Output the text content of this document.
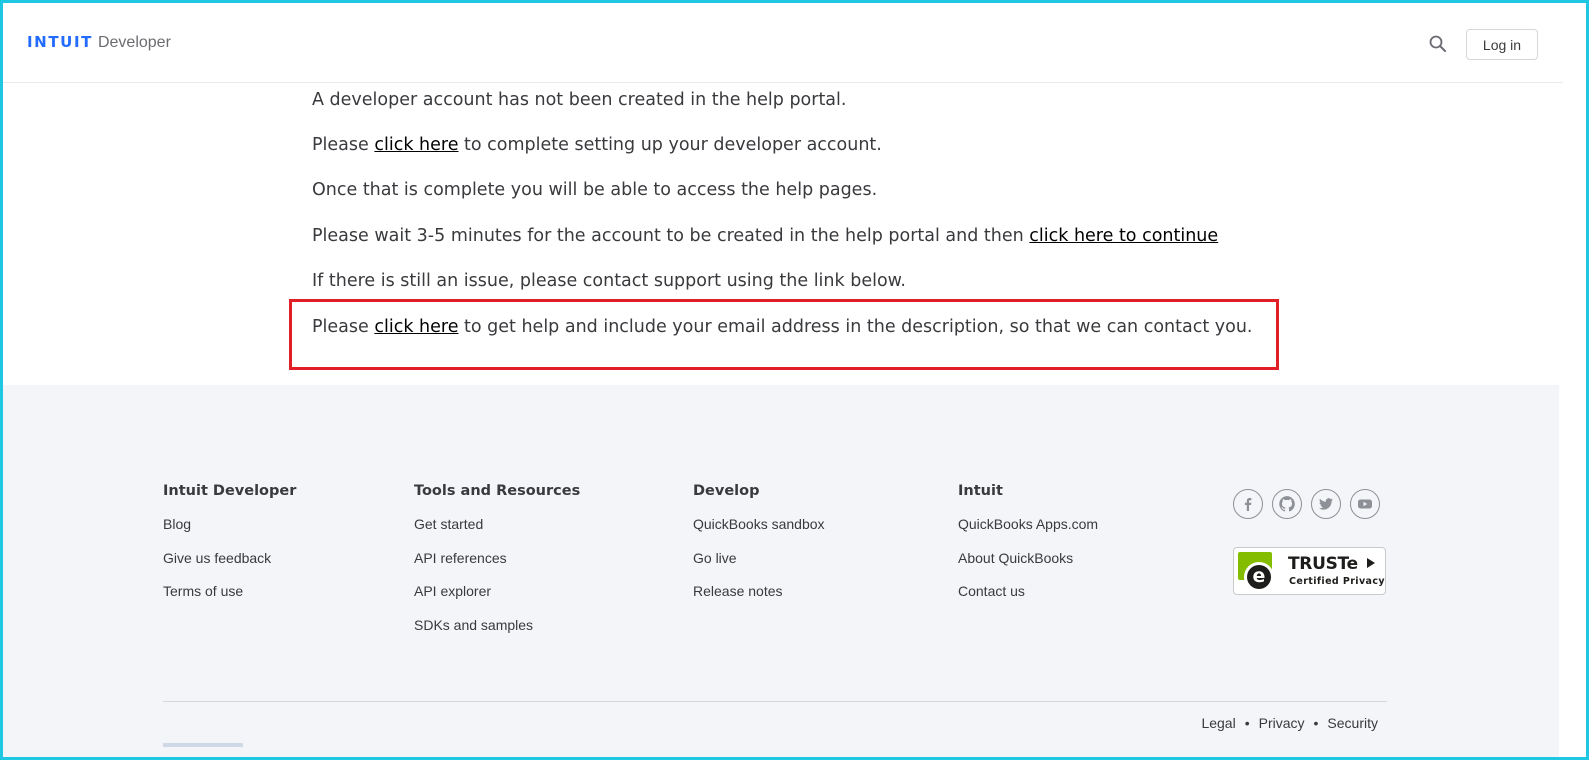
INTUIT Developer	Log in

A developer account has not been created in the help portal.

Please click here to complete setting up your developer account.

Once that is complete you will be able to access the help pages.

Please wait 3-5 minutes for the account to be created in the help portal and then click here to continue

If there is still an issue, please contact support using the link below.

Please click here to get help and include your email address in the description, so that we can contact you.

Intuit Developer
Blog
Give us feedback
Terms of use
Tools and Resources
Get started
API references
API explorer
SDKs and samples
Develop
QuickBooks sandbox
Go live
Release notes
Intuit
QuickBooks Apps.com
About QuickBooks
Contact us
e
TRUSTe
Certified Privacy
Legal • Privacy • Security
